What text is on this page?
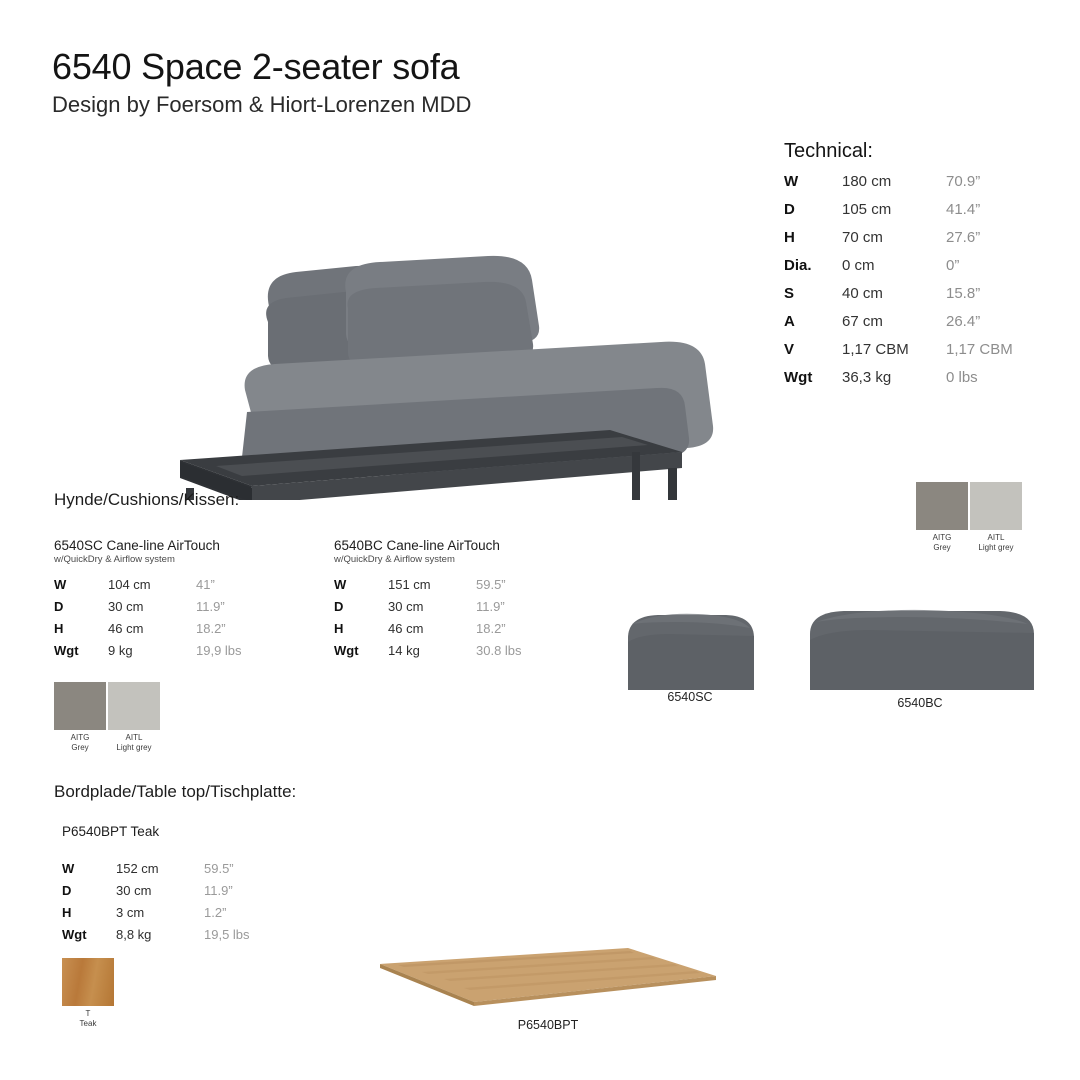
6540 Space 2-seater sofa
Design by Foersom & Hiort-Lorenzen MDD
Technical:
W	180 cm	70.9”
D	105 cm	41.4”
H	70 cm	27.6”
Dia.	0 cm	0”
S	40 cm	15.8”
A	67 cm	26.4”
V	1,17 CBM	1,17 CBM
Wgt	36,3 kg	0 lbs
Hynde/Cushions/Kissen:
6540SC Cane-line AirTouch
w/QuickDry & Airflow system
W	104 cm	41”
D	30 cm	11.9”
H	46 cm	18.2”
Wgt	9 kg	19,9 lbs
AITG
Grey
AITL
Light grey
6540BC Cane-line AirTouch
w/QuickDry & Airflow system
W	151 cm	59.5”
D	30 cm	11.9”
H	46 cm	18.2”
Wgt	14 kg	30.8 lbs
AITG
Grey
AITL
Light grey
6540SC	6540BC
Bordplade/Table top/Tischplatte:
P6540BPT Teak
W	152 cm	59.5”
D	30 cm	11.9”
H	3 cm	1.2”
Wgt	8,8 kg	19,5 lbs
T
Teak	P6540BPT
